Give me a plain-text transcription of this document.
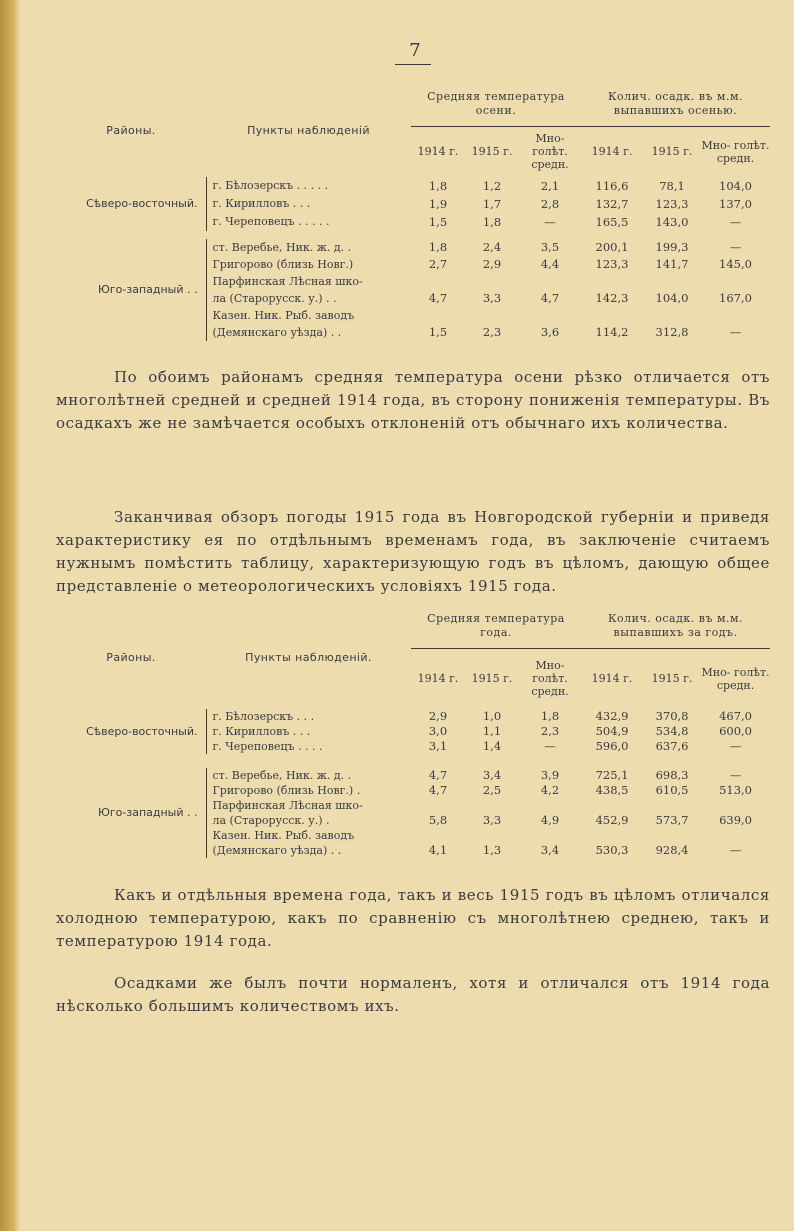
7
Районы.	Пункты наблюденій	Средняя температура осени.			Колич. осадк. въ м.м. выпавшихъ осенью.		
		1914 г.	1915 г.	Мно- голѣт. средн.	1914 г.	1915 г.	Мно- голѣт. средн.
Сѣверо-восточный.	г. Бѣлозерскъ . . . . .	1,8	1,2	2,1	116,6	78,1	104,0
	г. Кирилловъ . . .	1,9	1,7	2,8	132,7	123,3	137,0
	г. Череповецъ . . . . .	1,5	1,8	—	165,5	143,0	—

Юго-западный . .	ст. Веребье, Ник. ж. д. .	1,8	2,4	3,5	200,1	199,3	—
	Григорово (близь Новг.)	2,7	2,9	4,4	123,3	141,7	145,0
	Парфинская Лѣсная шко-						
	ла (Старорусск. у.) . .	4,7	3,3	4,7	142,3	104,0	167,0
	Казен. Ник. Рыб. заводъ						
	(Демянскаго уѣзда) . .	1,5	2,3	3,6	114,2	312,8	—

По обоимъ районамъ средняя температура осени рѣзко отличается отъ многолѣтней средней и средней 1914 года, въ сторону пониженія температуры. Въ осадкахъ же не замѣчается особыхъ отклоненій отъ обычнаго ихъ количества.

Заканчивая обзоръ погоды 1915 года въ Новгородской губерніи и приведя характеристику ея по отдѣльнымъ временамъ года, въ заключеніе считаемъ нужнымъ помѣстить таблицу, характеризующую годъ въ цѣломъ, дающую общее представленіе о метеорологическихъ условіяхъ 1915 года.

Районы.	Пункты наблюденій.	Средняя температура года.			Колич. осадк. въ м.м. выпавшихъ за годъ.		
		1914 г.	1915 г.	Мно- голѣт. средн.	1914 г.	1915 г.	Мно- голѣт. средн.
Сѣверо-восточный.	г. Бѣлозерскъ . . .	2,9	1,0	1,8	432,9	370,8	467,0
	г. Кирилловъ . . .	3,0	1,1	2,3	504,9	534,8	600,0
	г. Череповецъ . . . .	3,1	1,4	—	596,0	637,6	—

Юго-западный . .	ст. Веребье, Ник. ж. д. .	4,7	3,4	3,9	725,1	698,3	—
	Григорово (близь Новг.) .	4,7	2,5	4,2	438,5	610,5	513,0
	Парфинская Лѣсная шко-						
	ла (Старорусск. у.) .	5,8	3,3	4,9	452,9	573,7	639,0
	Казен. Ник. Рыб. заводъ						
	(Демянскаго уѣзда) . .	4,1	1,3	3,4	530,3	928,4	—

Какъ и отдѣльныя времена года, такъ и весь 1915 годъ въ цѣломъ отличался холодною температурою, какъ по сравненію съ многолѣтнею среднею, такъ и температурою 1914 года.

Осадками же былъ почти нормаленъ, хотя и отличался отъ 1914 года нѣсколько большимъ количествомъ ихъ.
